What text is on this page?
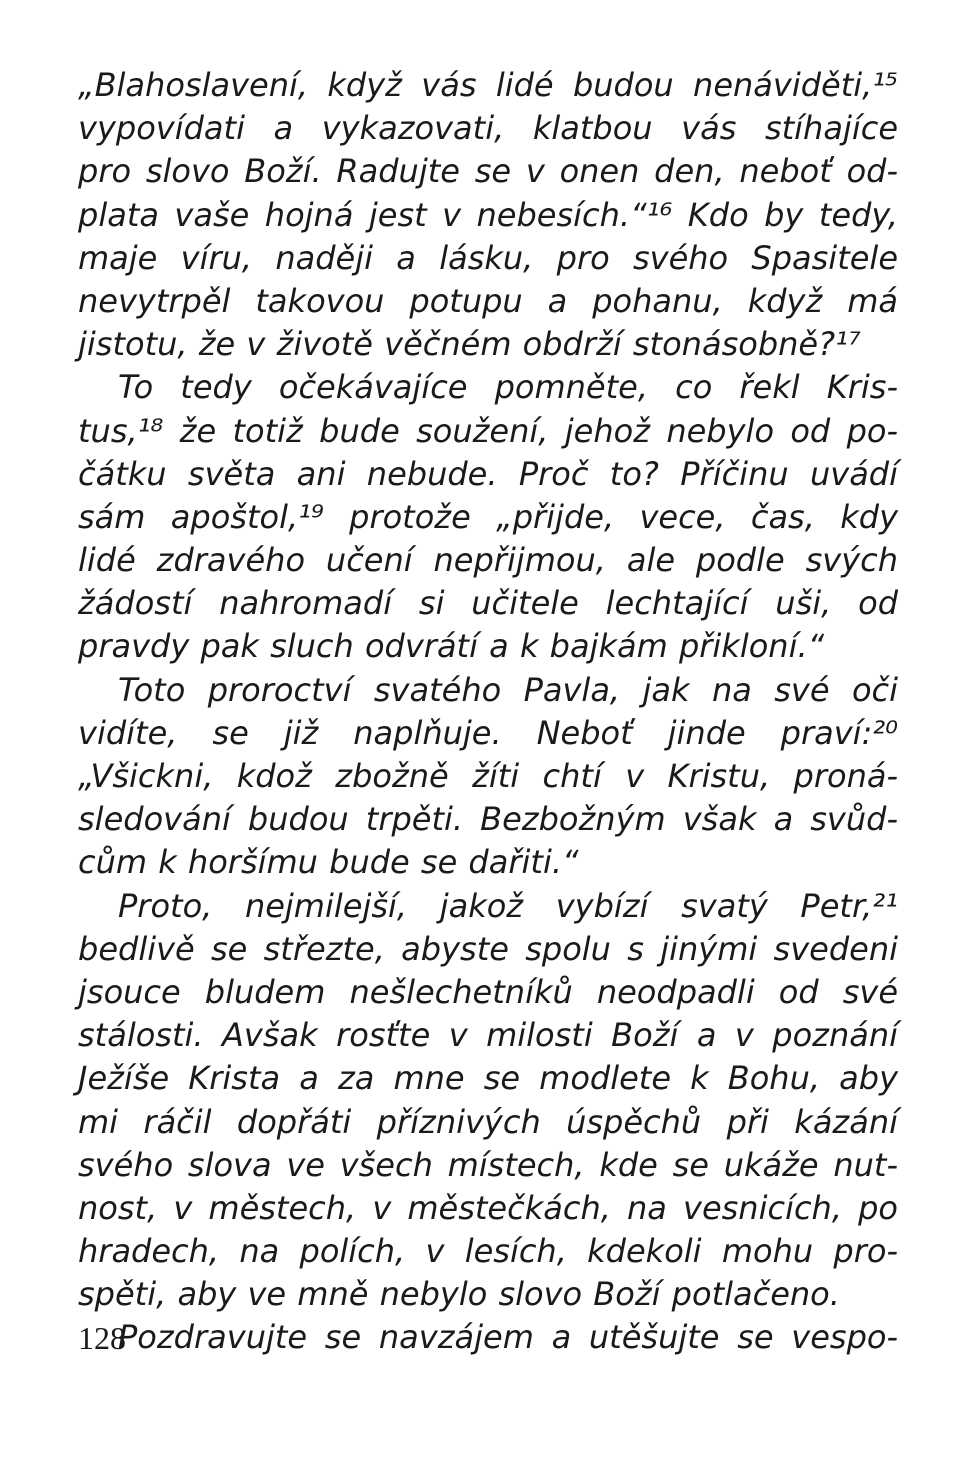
„Blahoslavení, když vás lidé budou nenáviděti,¹⁵
vypovídati a vykazovati, klatbou vás stíhajíce
pro slovo Boží. Radujte se v onen den, neboť od-
plata vaše hojná jest v nebesích.“¹⁶ Kdo by tedy,
maje víru, naději a lásku, pro svého Spasitele
nevytrpěl takovou potupu a pohanu, když má
jistotu, že v životě věčném obdrží stonásobně?¹⁷
To tedy očekávajíce pomněte, co řekl Kris-
tus,¹⁸ že totiž bude soužení, jehož nebylo od po-
čátku světa ani nebude. Proč to? Příčinu uvádí
sám apoštol,¹⁹ protože „přijde, vece, čas, kdy
lidé zdravého učení nepřijmou, ale podle svých
žádostí nahromadí si učitele lechtající uši, od
pravdy pak sluch odvrátí a k bajkám přikloní.“
Toto proroctví svatého Pavla, jak na své oči
vidíte, se již naplňuje. Neboť jinde praví:²⁰
„Všickni, kdož zbožně žíti chtí v Kristu, proná-
sledování budou trpěti. Bezbožným však a svůd-
cům k horšímu bude se dařiti.“
Proto, nejmilejší, jakož vybízí svatý Petr,²¹
bedlivě se střezte, abyste spolu s jinými svedeni
jsouce bludem nešlechetníků neodpadli od své
stálosti. Avšak rosťte v milosti Boží a v poznání
Ježíše Krista a za mne se modlete k Bohu, aby
mi ráčil dopřáti příznivých úspěchů při kázání
svého slova ve všech místech, kde se ukáže nut-
nost, v městech, v městečkách, na vesnicích, po
hradech, na polích, v lesích, kdekoli mohu pro-
spěti, aby ve mně nebylo slovo Boží potlačeno.
Pozdravujte se navzájem a utěšujte se vespo-
128
